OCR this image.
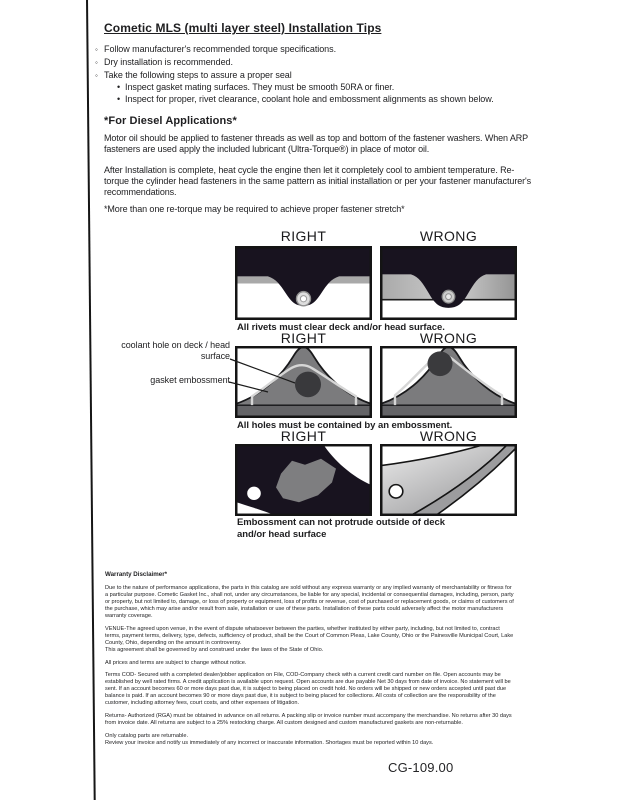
Cometic MLS (multi layer steel) Installation Tips
◦ Follow manufacturer's recommended torque specifications.
◦ Dry installation is recommended.
◦ Take the following steps to assure a proper seal
• Inspect gasket mating surfaces. They must be smooth 50RA or finer.
• Inspect for proper, rivet clearance, coolant hole and embossment alignments as shown below.
*For Diesel Applications*
Motor oil should be applied to fastener threads as well as top and bottom of the fastener washers. When ARP fasteners are used apply the included lubricant (Ultra-Torque®) in place of motor oil.
After Installation is complete, heat cycle the engine then let it completely cool to ambient temperature. Re-torque the cylinder head fasteners in the same pattern as initial installation or per your fastener manufacturer's recommendations.
*More than one re-torque may be required to achieve proper fastener stretch*
RIGHT	WRONG
All rivets must clear deck and/or head surface.
RIGHT	WRONG
coolant hole on deck / head surface
gasket embossment
All holes must be contained by an embossment.
RIGHT	WRONG
Embossment can not protrude outside of deck and/or head surface
Warranty Disclaimer*

Due to the nature of performance applications, the parts in this catalog are sold without any express warranty or any implied warranty of merchantability or fitness for a particular purpose. Cometic Gasket Inc., shall not, under any circumstances, be liable for any special, incidental or consequential damages, including, person, party or property, but not limited to, damage, or loss of property or equipment, loss of profits or revenue, cost of purchased or replacement goods, or claims of customers of the purchase, which may arise and/or result from sale, installation or use of these parts. Installation of these parts could adversely affect the motor manufacturers warranty coverage.

VENUE-The agreed upon venue, in the event of dispute whatsoever between the parties, whether instituted by either party, including, but not limited to, contract terms, payment terms, delivery, type, defects, sufficiency of product, shall be the Court of Common Pleas, Lake County, Ohio or the Painesville Municipal Court, Lake County, Ohio, depending on the amount in controversy.

This agreement shall be governed by and construed under the laws of the State of Ohio.

All prices and terms are subject to change without notice.

Terms COD- Secured with a completed dealer/jobber application on File, COD-Company check with a current credit card number on file. Open accounts may be established by well rated firms. A credit application is available upon request. Open accounts are due payable Net 30 days from date of invoice. No statement will be sent. If an account becomes 60 or more days past due, it is subject to being placed on credit hold. No orders will be shipped or new orders accepted until past due balance is paid. If an account becomes 90 or more days past due, it is subject to being placed for collections. All costs of collection are the responsibility of the customer, including attorney fees, court costs, and other expenses of litigation.

Returns- Authorized (RGA) must be obtained in advance on all returns. A packing slip or invoice number must accompany the merchandise. No returns after 30 days from invoice date. All returns are subject to a 25% restocking charge. All custom designed and custom manufactured gaskets are non-returnable.

Only catalog parts are returnable.

Review your invoice and notify us immediately of any incorrect or inaccurate information. Shortages must be reported within 10 days.

CG-109.00
